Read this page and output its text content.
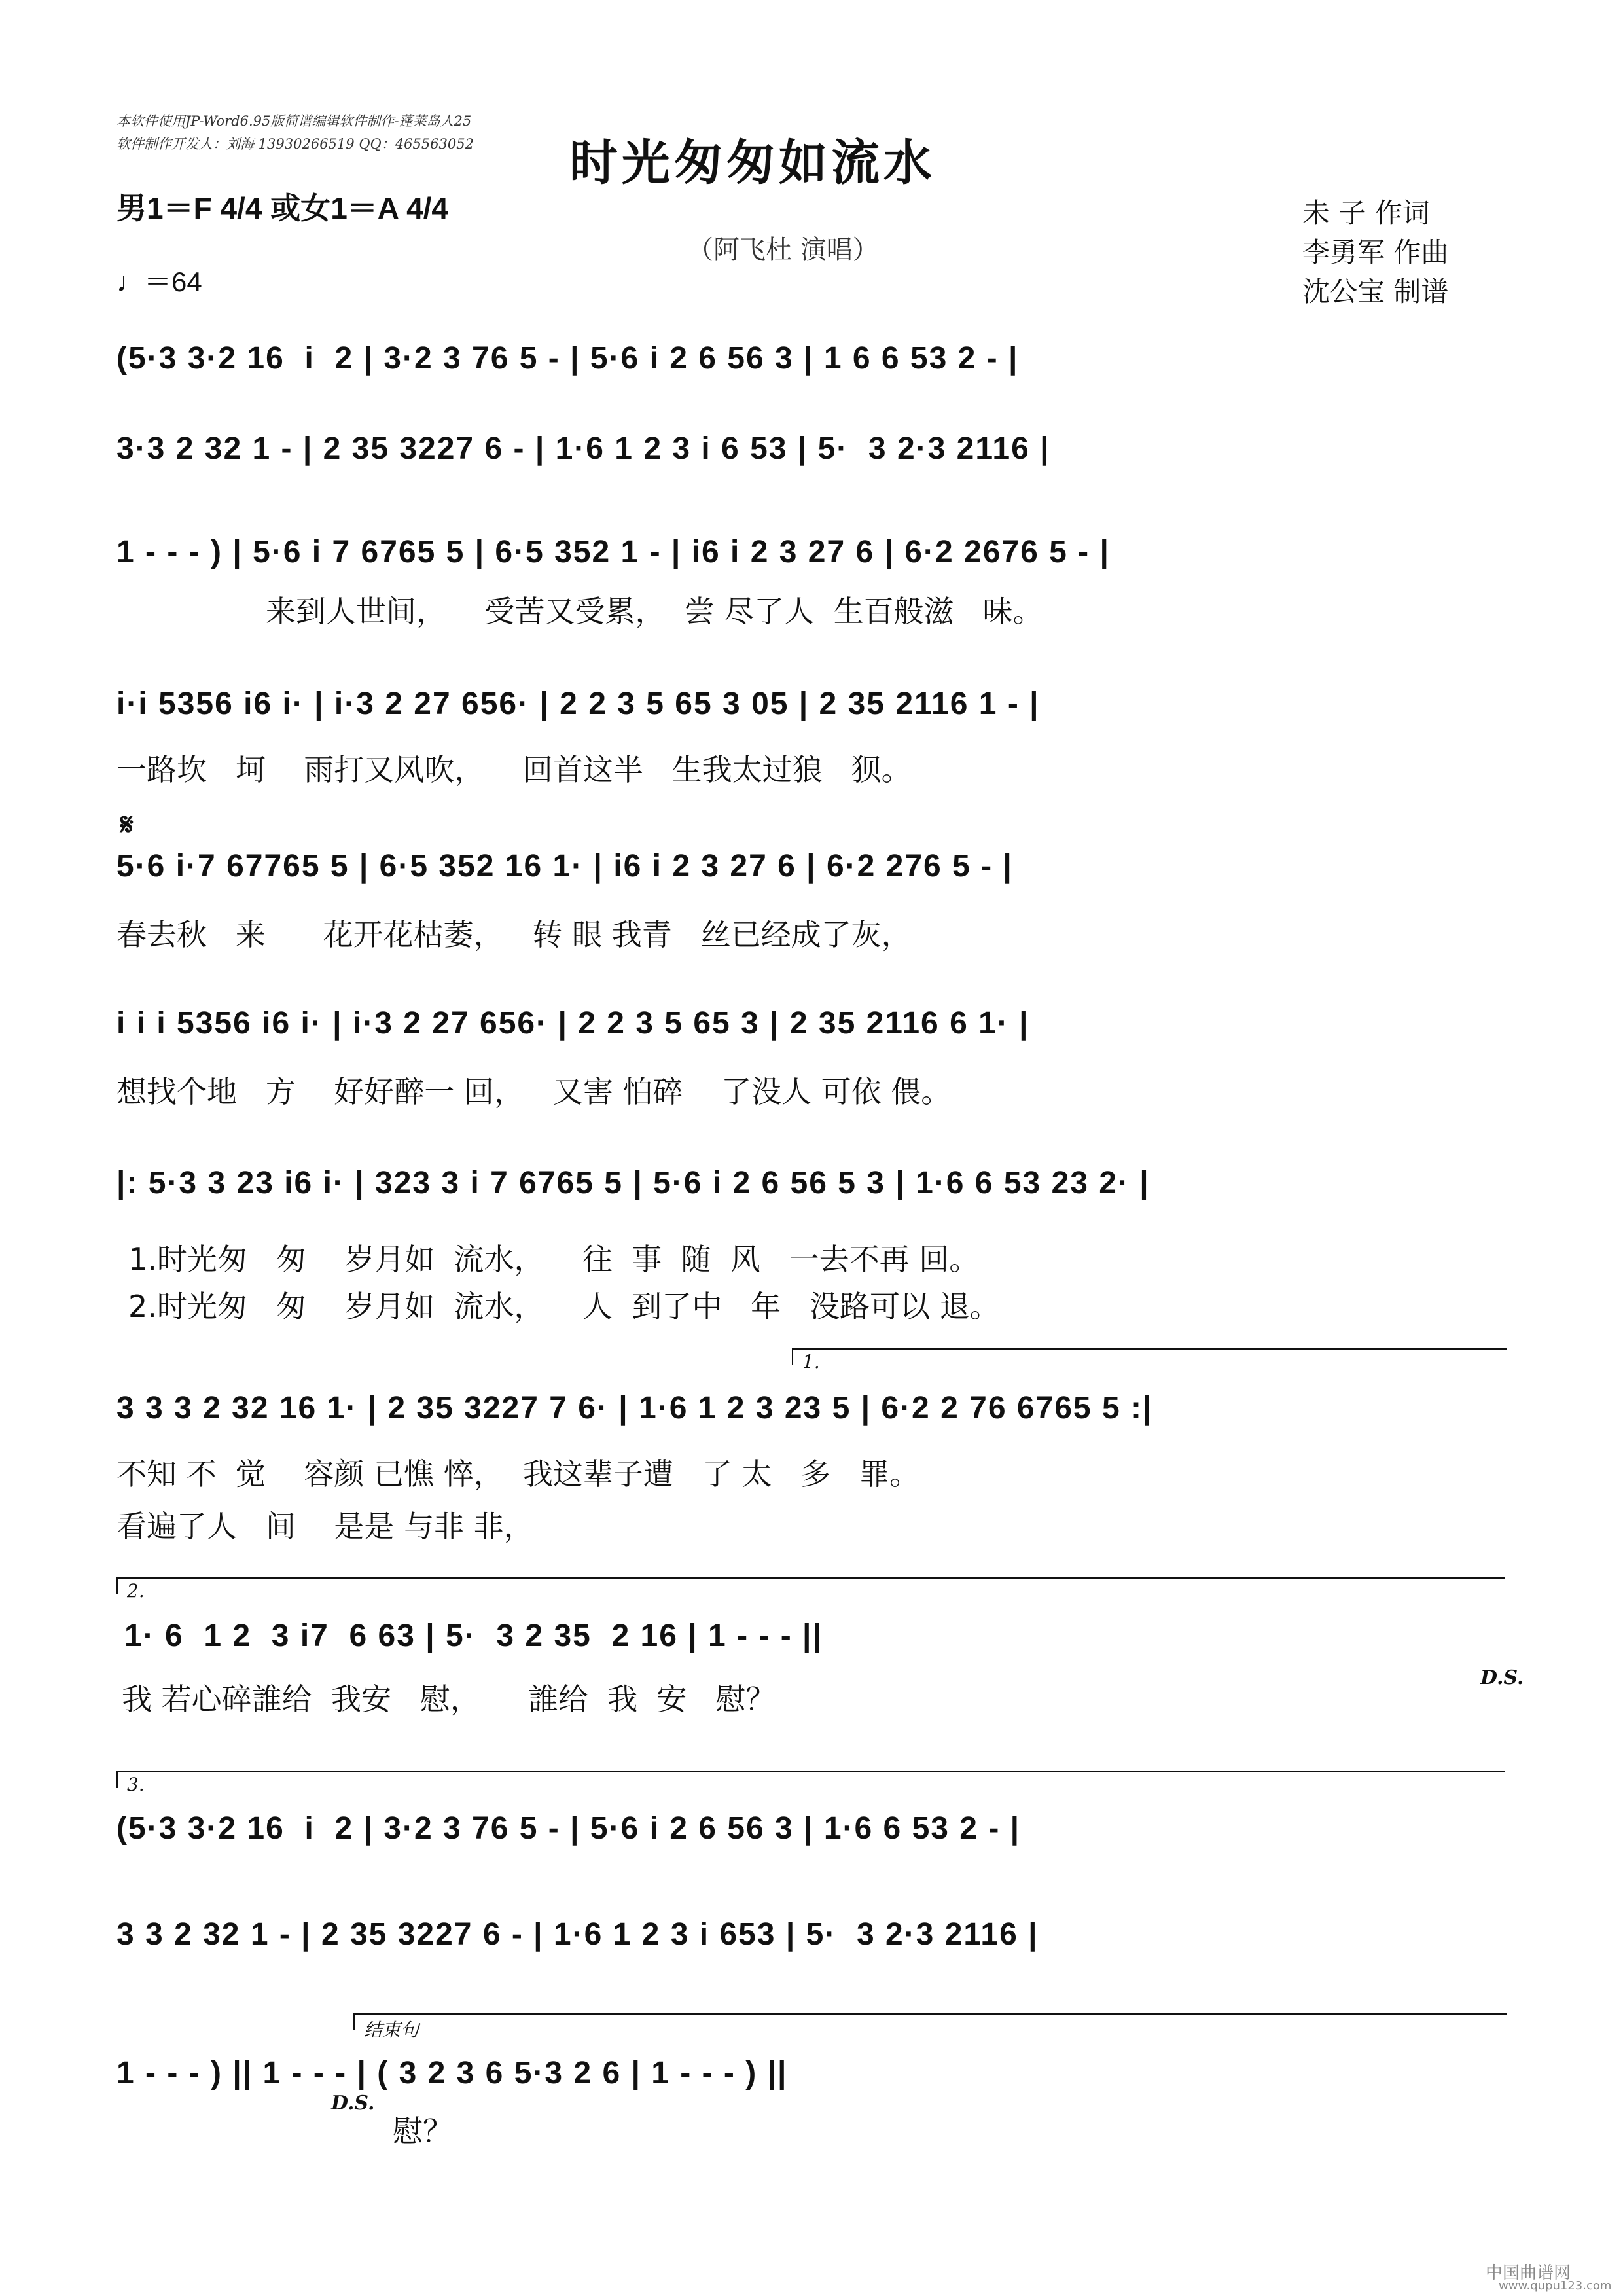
本软件使用JP-Word6.95版简谱编辑软件制作-蓬莱岛人25
软件制作开发人：刘海 13930266519 QQ：465563052 时光匆匆如流水
（阿飞杜 演唱）
男1＝F 4/4 或女1＝A 4/4
♩＝64
未 子 作词
李勇军 作曲
沈公宝 制谱
(5·3 3·2 16  i  2 | 3·2 3 76 5 - | 5·6 i 2 6 56 3 | 1 6 6 53 2 - |
3·3 2 32 1 - | 2 35 3227 6 - | 1·6 1 2 3 i 6 53 | 5·  3 2·3 2116 |
1 - - - ) | 5·6 i 7 6765 5 | 6·5 352 1 - | i6 i 2 3 27 6 | 6·2 2676 5 - |
来到人世间，    受苦又受累，  尝 尽了人  生百般滋   味。
i·i 5356 i6 i· | i·3 2 27 656· | 2 2 3 5 65 3 05 | 2 35 2116 1 - |
一路坎   坷    雨打又风吹，    回首这半   生我太过狼   狈。
𝄋
5·6 i·7 67765 5 | 6·5 352 16 1· | i6 i 2 3 27 6 | 6·2 276 5 - |
春去秋   来      花开花枯萎，   转 眼 我青   丝已经成了灰，
i i i 5356 i6 i· | i·3 2 27 656· | 2 2 3 5 65 3 | 2 35 2116 6 1· |
想找个地   方    好好醉一 回，   又害 怕碎    了没人 可依 偎。
|: 5·3 3 23 i6 i· | 323 3 i 7 6765 5 | 5·6 i 2 6 56 5 3 | 1·6 6 53 23 2· |
1.时光匆   匆    岁月如  流水，    往  事  随  风   一去不再 回。
2.时光匆   匆    岁月如  流水，    人  到了中   年   没路可以 退。
1.
3 3 3 2 32 16 1· | 2 35 3227 7 6· | 1·6 1 2 3 23 5 | 6·2 2 76 6765 5 :|
不知 不  觉    容颜 已憔 悴，  我这辈子遭   了 太   多   罪。
看遍了人   间    是是 与非 非，
2.
1· 6  1 2  3 i7  6 63 | 5·  3 2 35  2 16 | 1 - - - ||
我 若心碎誰给  我安   慰，     誰给  我  安   慰？
D.S.
3.
(5·3 3·2 16  i  2 | 3·2 3 76 5 - | 5·6 i 2 6 56 3 | 1·6 6 53 2 - |
3 3 2 32 1 - | 2 35 3227 6 - | 1·6 1 2 3 i 653 | 5·  3 2·3 2116 |
结束句
1 - - - ) || 1 - - - | ( 3 2 3 6 5·3 2 6 | 1 - - - ) ||
D.S.
慰？
中国曲谱网
www.qupu123.com
